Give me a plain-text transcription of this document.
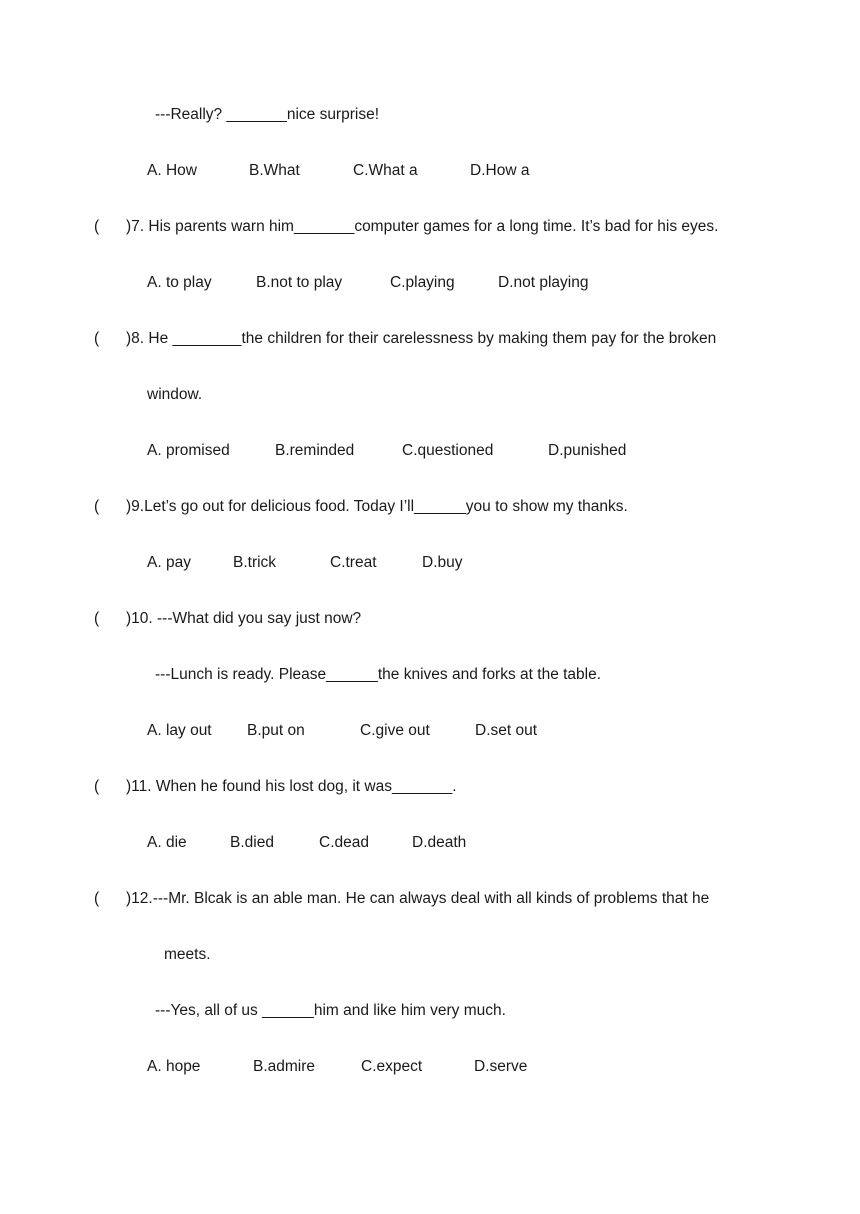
---Really? _______nice surprise!
A. How	B.What	C.What a	D.How a
( )7. His parents warn him_______computer games for a long time. It’s bad for his eyes.
A. to play	B.not to play	C.playing	D.not playing
( )8. He ________the children for their carelessness by making them pay for the broken
window.
A. promised	B.reminded	C.questioned	D.punished
( )9.Let’s go out for delicious food. Today I’ll______you to show my thanks.
A. pay	B.trick	C.treat	D.buy
( )10. ---What did you say just now?
---Lunch is ready. Please______the knives and forks at the table.
A. lay out B.put on	C.give out	D.set out
( )11. When he found his lost dog, it was_______.
A. die	B.died	C.dead	D.death
( )12.---Mr. Blcak is an able man. He can always deal with all kinds of problems that he
meets.
---Yes, all of us ______him and like him very much.
A. hope	B.admire	C.expect	D.serve
